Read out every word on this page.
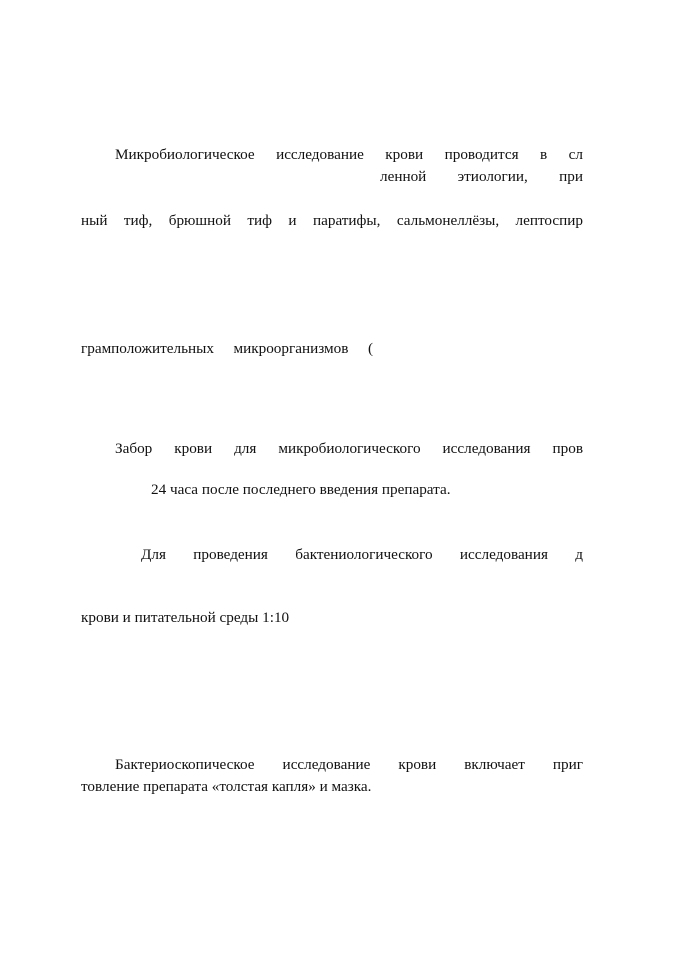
Микробиологическое исследование крови проводится в сл
ленной этиологии, при
ный тиф, брюшной тиф и паратифы, сальмонеллёзы, лептоспир
грамположительных микроорганизмов (
Забор крови для микробиологического исследования пров
24 часа после последнего введения препарата.
Для проведения бактениологического исследования д
крови и питательной среды 1:10
Бактериоскопическое исследование крови включает приг
товление препарата «толстая капля» и мазка.
